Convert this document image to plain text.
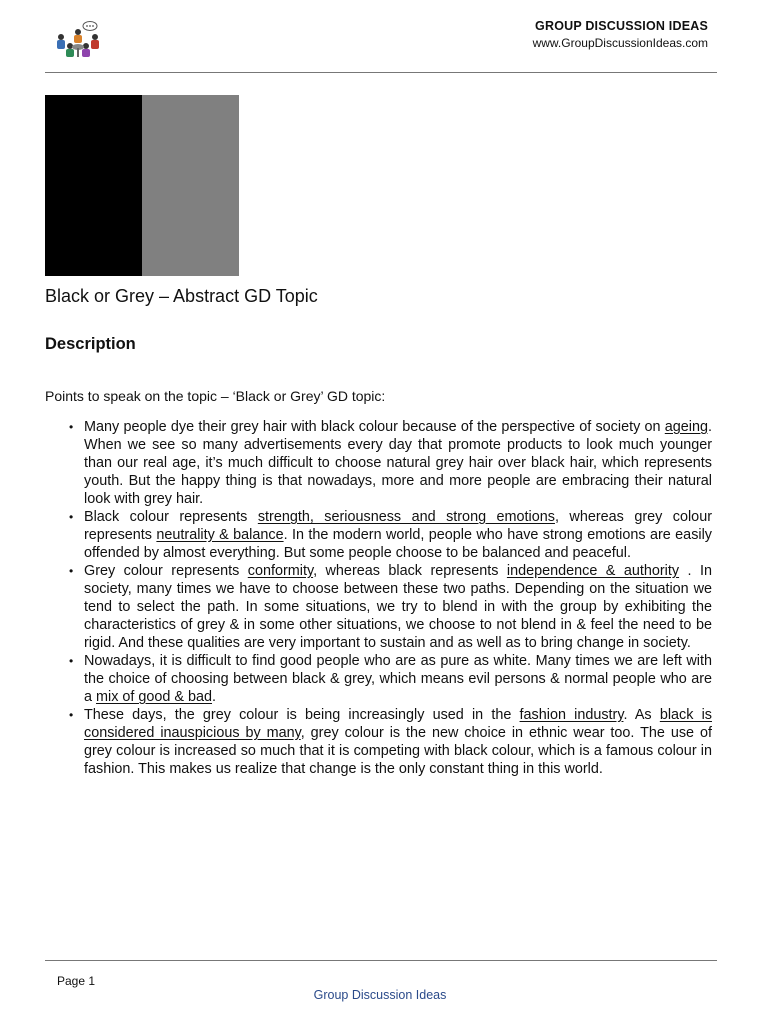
GROUP DISCUSSION IDEAS
www.GroupDiscussionIdeas.com
Black or Grey – Abstract GD Topic
Description
Points to speak on the topic – ‘Black or Grey’ GD topic:
• Many people dye their grey hair with black colour because of the perspective of society on ageing. When we see so many advertisements every day that promote products to look much younger than our real age, it’s much difficult to choose natural grey hair over black hair, which represents youth. But the happy thing is that nowadays, more and more people are embracing their natural look with grey hair.
• Black colour represents strength, seriousness and strong emotions, whereas grey colour represents neutrality & balance. In the modern world, people who have strong emotions are easily offended by almost everything. But some people choose to be balanced and peaceful.
• Grey colour represents conformity, whereas black represents independence & authority . In society, many times we have to choose between these two paths. Depending on the situation we tend to select the path. In some situations, we try to blend in with the group by exhibiting the characteristics of grey & in some other situations, we choose to not blend in & feel the need to be rigid. And these qualities are very important to sustain and as well as to bring change in society.
• Nowadays, it is difficult to find good people who are as pure as white. Many times we are left with the choice of choosing between black & grey, which means evil persons & normal people who are a mix of good & bad.
• These days, the grey colour is being increasingly used in the fashion industry. As black is considered inauspicious by many, grey colour is the new choice in ethnic wear too. The use of grey colour is increased so much that it is competing with black colour, which is a famous colour in fashion. This makes us realize that change is the only constant thing in this world.
Page 1
Group Discussion Ideas
